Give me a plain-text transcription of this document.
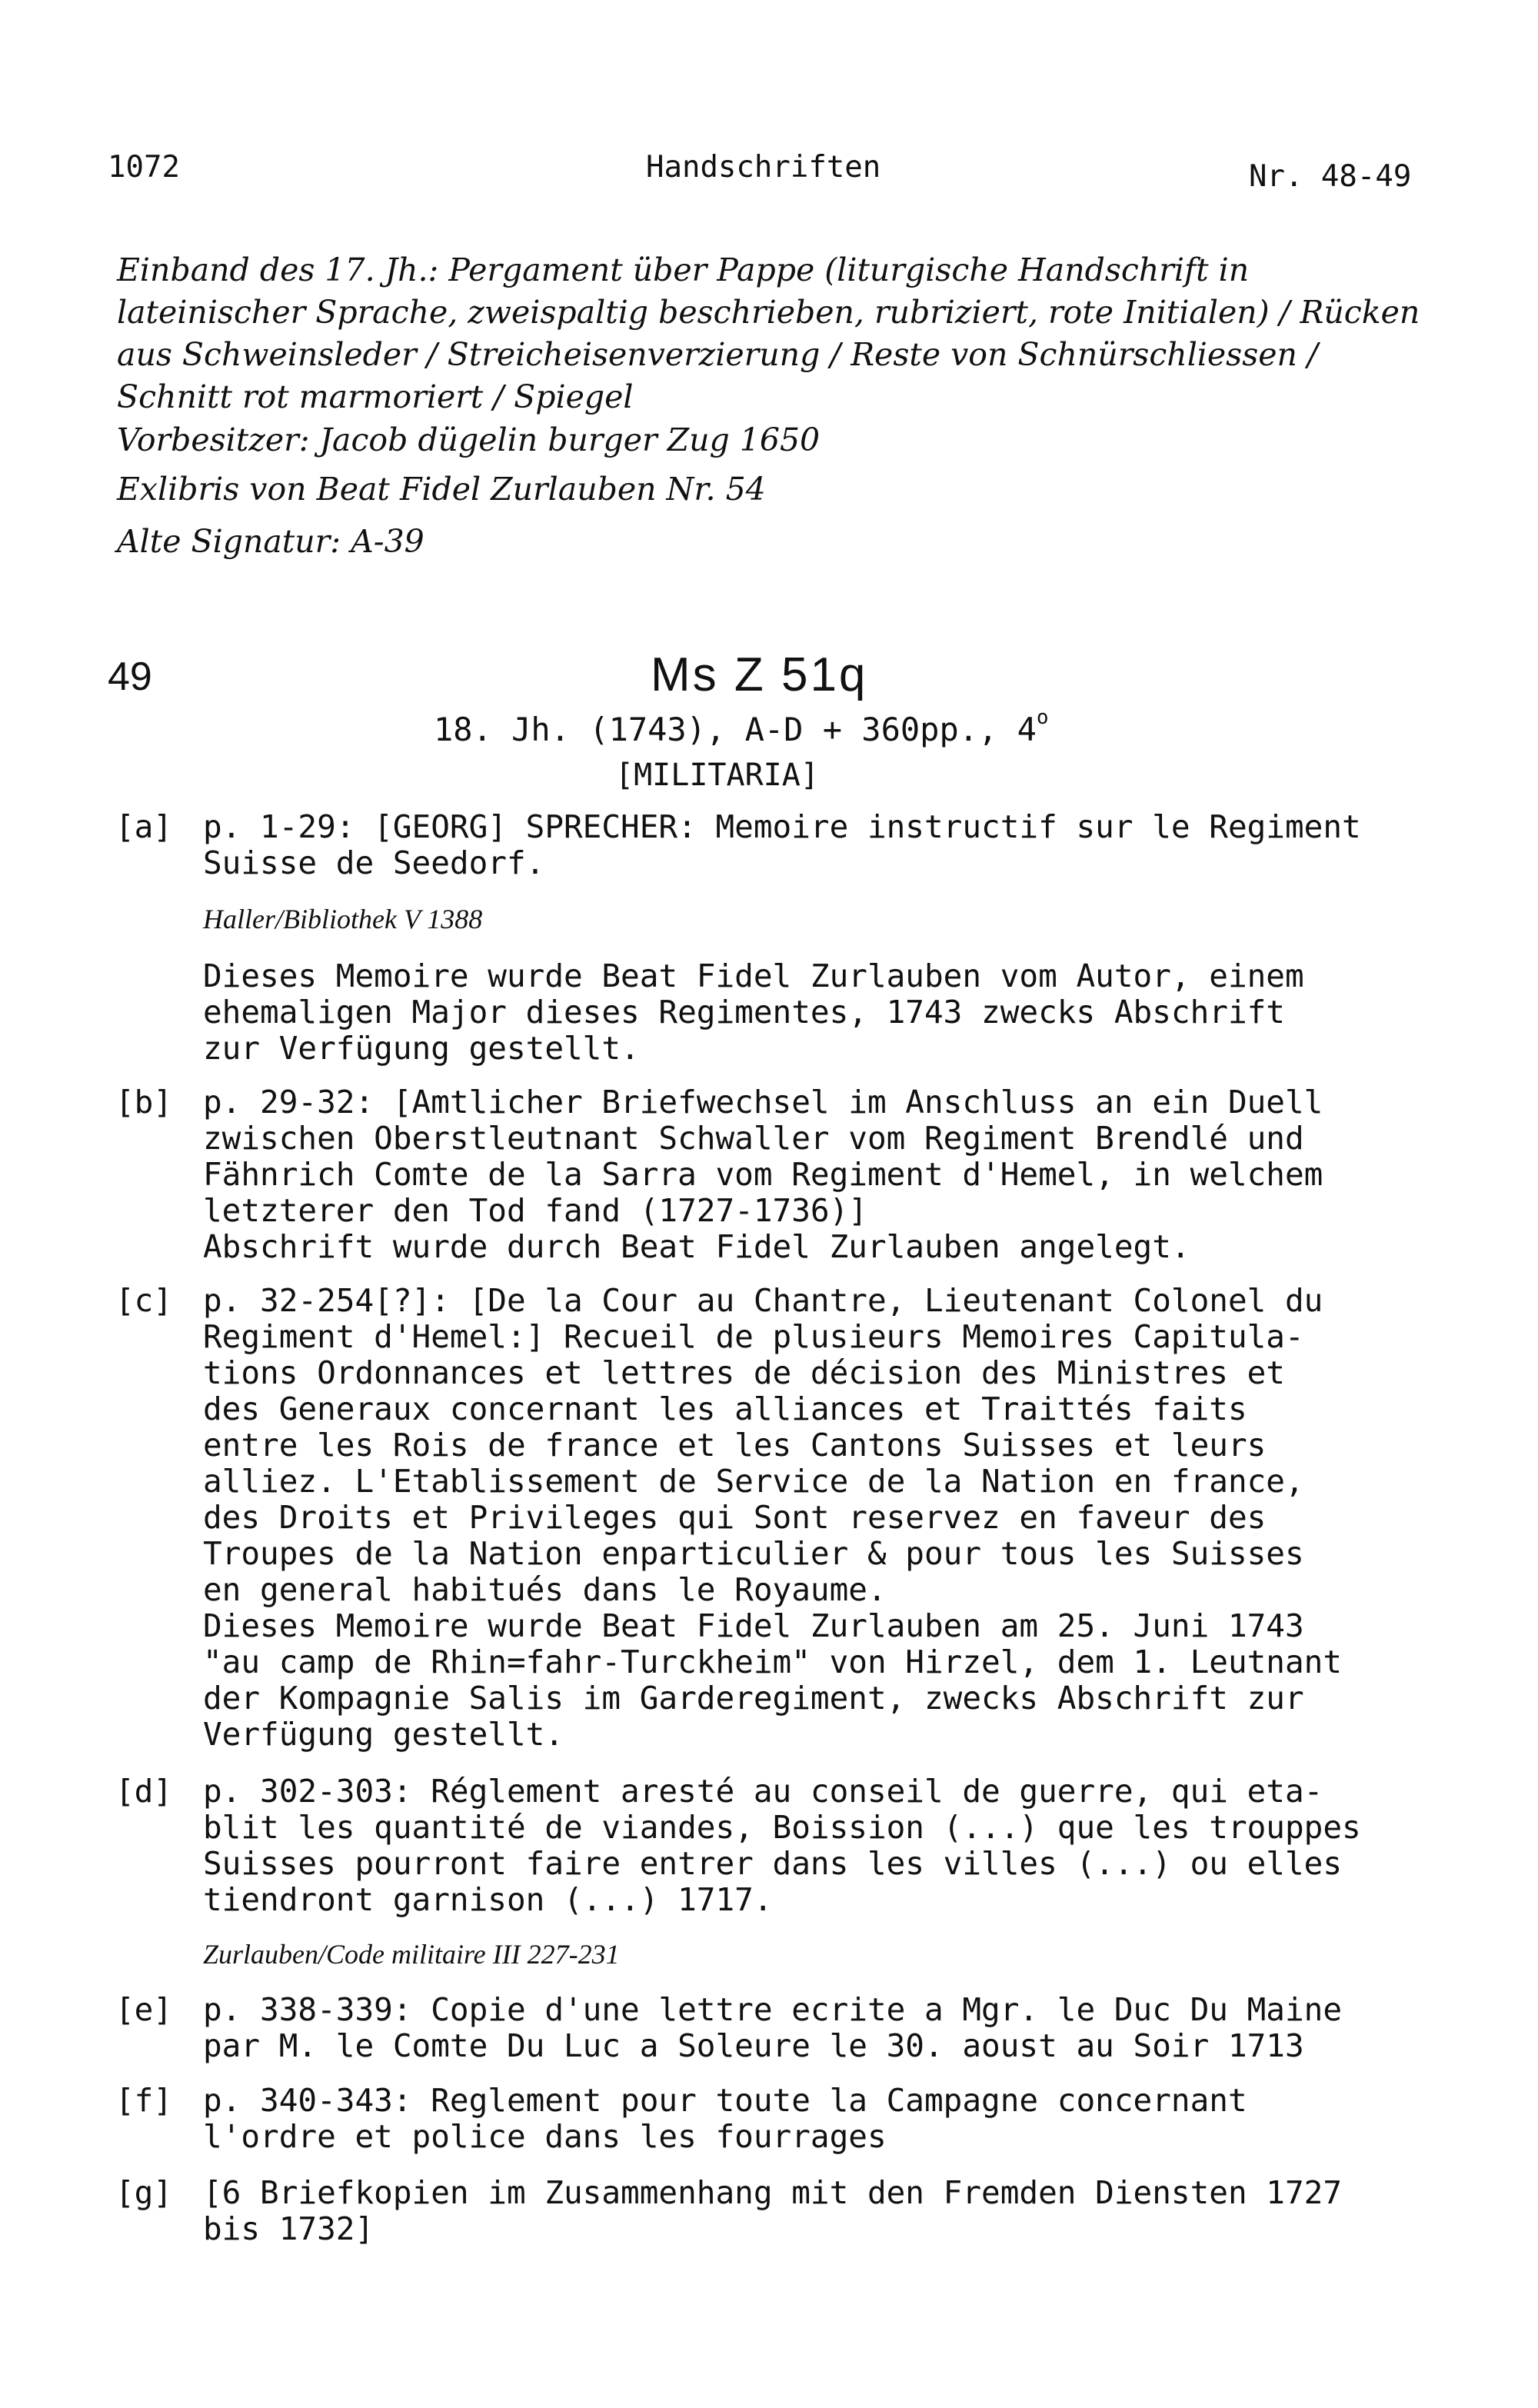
1072	Handschriften	Nr. 48-49
Einband des 17. Jh.: Pergament über Pappe (liturgische Handschrift in lateinischer Sprache, zweispaltig beschrieben, rubriziert, rote Initialen) / Rücken aus Schweinsleder / Streicheisenverzierung / Reste von Schnürschliessen / Schnitt rot marmoriert / Spiegel
Vorbesitzer: Jacob dügelin burger Zug 1650
Exlibris von Beat Fidel Zurlauben Nr. 54
Alte Signatur: A-39
49	Ms Z 51q
18. Jh. (1743), A-D + 360pp., 4$^o$
[MILITARIA]
[a] p. 1-29: [GEORG] SPRECHER: Memoire instructif sur le Regiment
Suisse de Seedorf.
Haller/Bibliothek V 1388
Dieses Memoire wurde Beat Fidel Zurlauben vom Autor, einem
ehemaligen Major dieses Regimentes, 1743 zwecks Abschrift
zur Verfügung gestellt.
[b] p. 29-32: [Amtlicher Briefwechsel im Anschluss an ein Duell
zwischen Oberstleutnant Schwaller vom Regiment Brendlé und
Fähnrich Comte de la Sarra vom Regiment d'Hemel, in welchem
letzterer den Tod fand (1727-1736)]
Abschrift wurde durch Beat Fidel Zurlauben angelegt.
[c] p. 32-254[?]: [De la Cour au Chantre, Lieutenant Colonel du
Regiment d'Hemel:] Recueil de plusieurs Memoires Capitula-
tions Ordonnances et lettres de décision des Ministres et
des Generaux concernant les alliances et Traittés faits
entre les Rois de france et les Cantons Suisses et leurs
alliez. L'Etablissement de Service de la Nation en france,
des Droits et Privileges qui Sont reservez en faveur des
Troupes de la Nation enparticulier & pour tous les Suisses
en general habitués dans le Royaume.
Dieses Memoire wurde Beat Fidel Zurlauben am 25. Juni 1743
"au camp de Rhin=fahr-Turckheim" von Hirzel, dem 1. Leutnant
der Kompagnie Salis im Garderegiment, zwecks Abschrift zur
Verfügung gestellt.
[d] p. 302-303: Réglement aresté au conseil de guerre, qui eta-
blit les quantité de viandes, Boission (...) que les trouppes
Suisses pourront faire entrer dans les villes (...) ou elles
tiendront garnison (...) 1717.
Zurlauben/Code militaire III 227-231
[e] p. 338-339: Copie d'une lettre ecrite a Mgr. le Duc Du Maine
par M. le Comte Du Luc a Soleure le 30. aoust au Soir 1713
[f] p. 340-343: Reglement pour toute la Campagne concernant
l'ordre et police dans les fourrages
[g] [6 Briefkopien im Zusammenhang mit den Fremden Diensten 1727
bis 1732]
